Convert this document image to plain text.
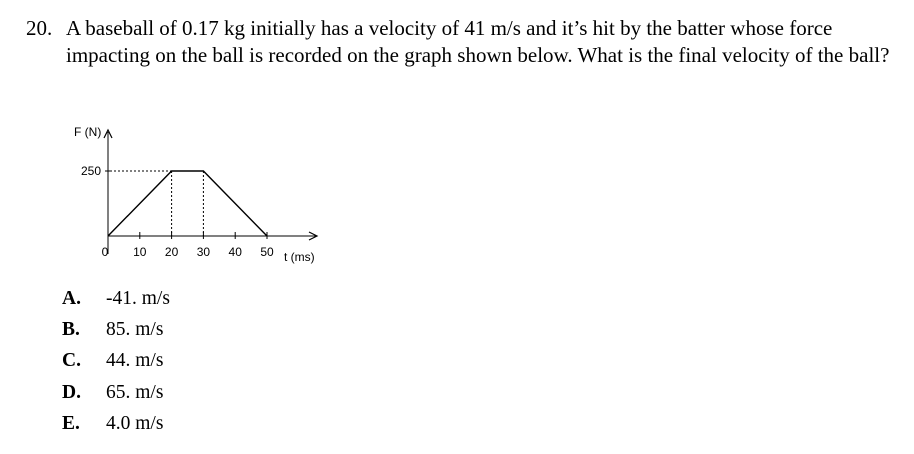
20. A baseball of 0.17 kg initially has a velocity of 41 m/s and it’s hit by the batter whose force impacting on the ball is recorded on the graph shown below. What is the final velocity of the ball?
250
F (N)
t (ms)
0 10 20 30 40 50
A. -41. m/s
B. 85. m/s
C. 44. m/s
D. 65. m/s
E. 4.0 m/s
